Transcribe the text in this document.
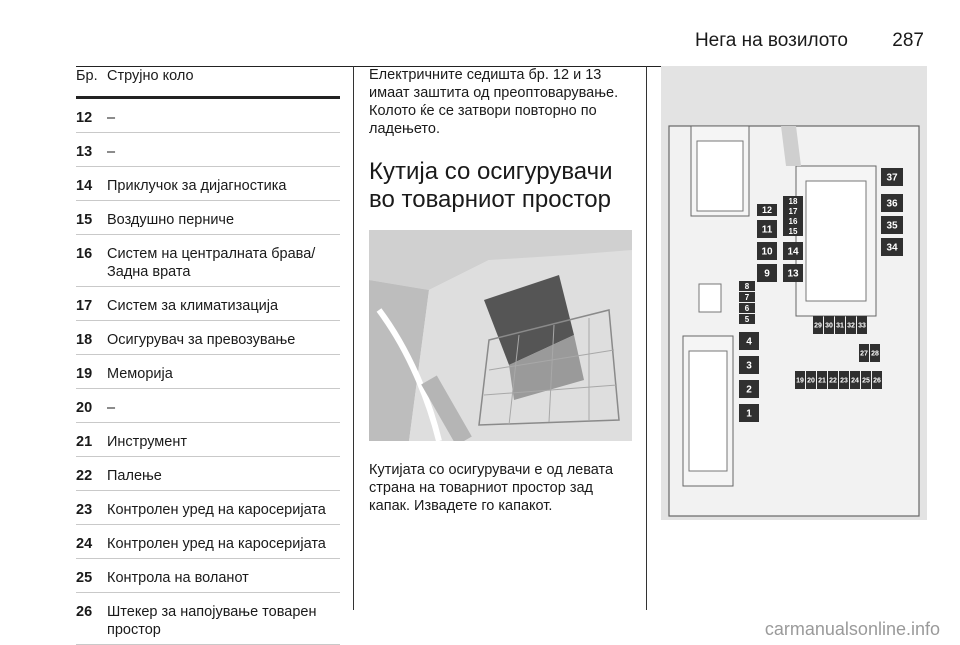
Нега на возилото 287
Бр. Струјно коло
12	–
13	–
14	Приклучок за дијагностика
15	Воздушно перниче
16	Систем на централната брава/Задна врата
17	Систем за климатизација
18	Осигурувач за превозување
19	Меморија
20	–
21	Инструмент
22	Палење
23	Контролен уред на каросеријата
24	Контролен уред на каросеријата
25	Контрола на воланот
26	Штекер за напојување товарен простор

Електричните седишта бр. 12 и 13 имаат заштита од преоптоварување. Колото ќе се затвори повторно по ладењето.

Кутија со осигурувачи во товарниот простор

Кутијата со осигурувачи е од левата страна на товарниот простор зад капак. Извадете го капакот.

1
2
3
4
5
6
7
8
9
10
11
12
13
14
15
16
17
18
19 20 21 22 23 24 25 26
27 28
29 30 31 32 33
34
35
36
37
carmanualsonline.info
